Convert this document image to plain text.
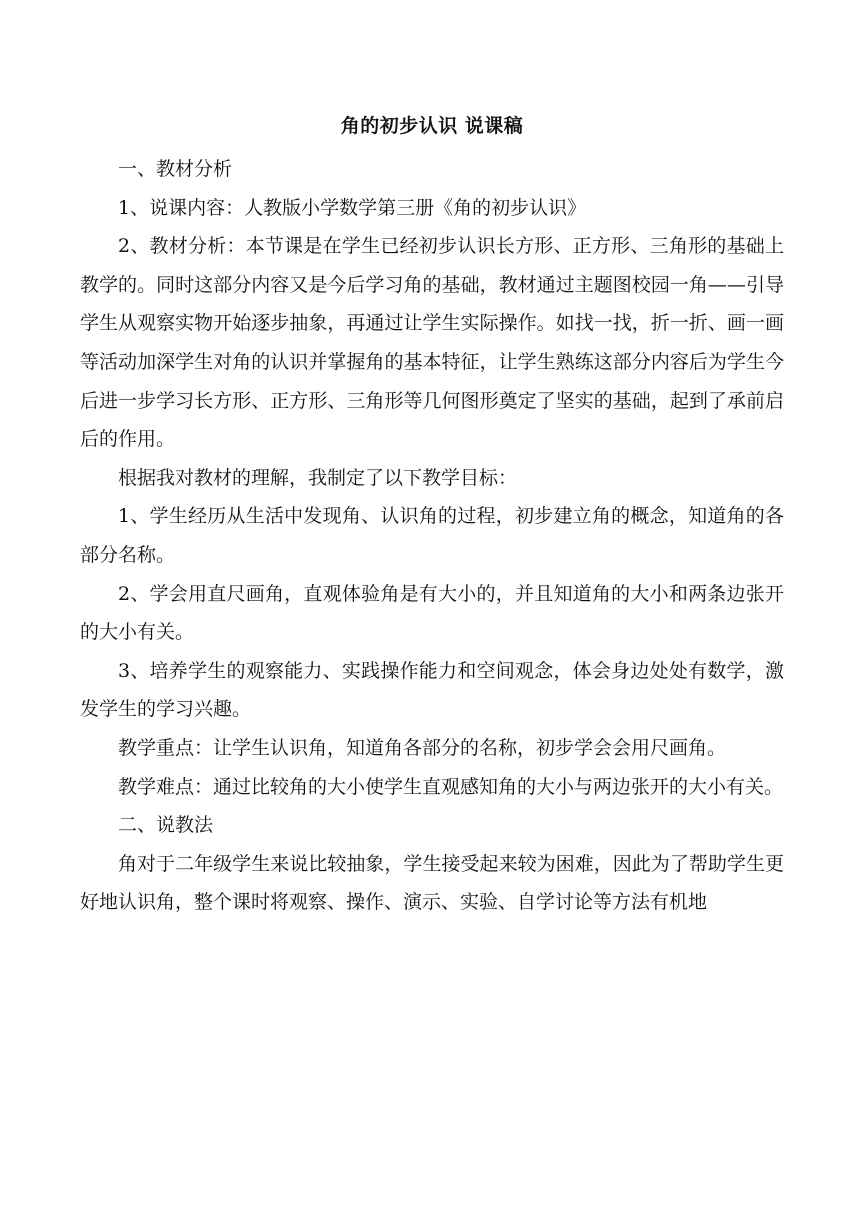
角的初步认识 说课稿

一、教材分析

1、说课内容：人教版小学数学第三册《角的初步认识》

2、教材分析：本节课是在学生已经初步认识长方形、正方形、三角形的基础上教学的。同时这部分内容又是今后学习角的基础，教材通过主题图校园一角——引导学生从观察实物开始逐步抽象，再通过让学生实际操作。如找一找，折一折、画一画等活动加深学生对角的认识并掌握角的基本特征，让学生熟练这部分内容后为学生今后进一步学习长方形、正方形、三角形等几何图形奠定了坚实的基础，起到了承前启后的作用。

根据我对教材的理解，我制定了以下教学目标：

1、学生经历从生活中发现角、认识角的过程，初步建立角的概念，知道角的各部分名称。

2、学会用直尺画角，直观体验角是有大小的，并且知道角的大小和两条边张开的大小有关。

3、培养学生的观察能力、实践操作能力和空间观念，体会身边处处有数学，激发学生的学习兴趣。

教学重点：让学生认识角，知道角各部分的名称，初步学会会用尺画角。

教学难点：通过比较角的大小使学生直观感知角的大小与两边张开的大小有关。

二、说教法

角对于二年级学生来说比较抽象，学生接受起来较为困难，因此为了帮助学生更好地认识角，整个课时将观察、操作、演示、实验、自学讨论等方法有机地
